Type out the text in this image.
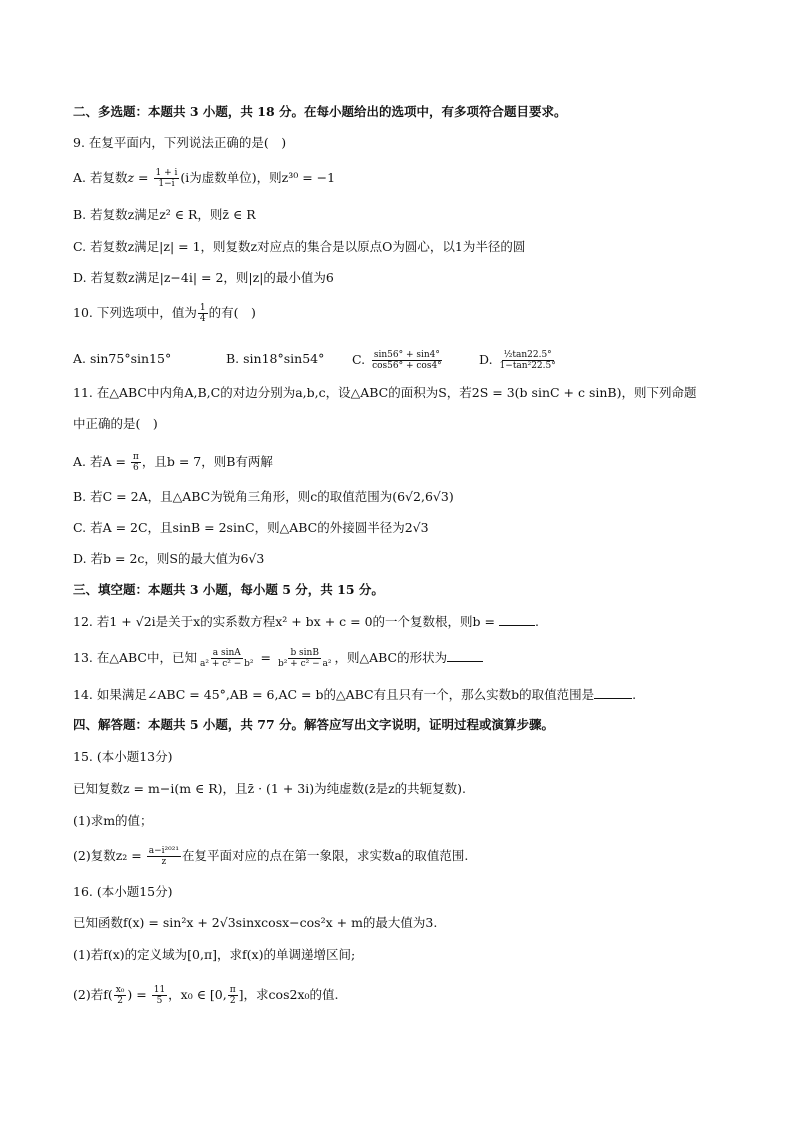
二、多选题：本题共 3 小题，共 18 分。在每小题给出的选项中，有多项符合题目要求。
9. 在复平面内，下列说法正确的是(　)
A. 若复数$z = \frac{1 + i}{1-i} (i$为虚数单位)，则z³⁰ = −1
B. 若复数z满足z² ∈ R，则z̄ ∈ R
C. 若复数z满足|z| = 1，则复数z对应点的集合是以原点O为圆心，以1为半径的圆
D. 若复数z满足|z−4i| = 2，则|z|的最小值为6
10. 下列选项中，值为 $\frac{1}{4}$ 的有(　)
A. sin75°sin15°	B. sin18°sin54° C. $\frac{\sin 56^\circ + \sin 4^\circ}{\cos 56^\circ + \cos 4^\circ}$	D. $\frac{\text{½tan22.5°}}{\text{1−tan²22.5°}}$
11. 在△ABC中内角A,B,C的对边分别为a,b,c，设△ABC的面积为S，若2S = 3(b sinC + c sinB)，则下列命题
中正确的是(　)
A. 若$A = \frac{\pi}{6}$ ，且b = 7，则B有两解
B. 若C = 2A，且△ABC为锐角三角形，则c的取值范围为(6√2,6√3)
C. 若A = 2C，且sinB = 2sinC，则△ABC的外接圆半径为2√3
D. 若b = 2c，则S的最大值为6√3
三、填空题：本题共 3 小题，每小题 5 分，共 15 分。
12. 若1 + √2i是关于x的实系数方程x² + bx + c = 0的一个复数根，则b =	.
13. 在△ABC中，已知 $\frac{\text{a sinA}}{\text{a² + c² − b²}} = \frac{\text{b sinB}}{\text{b² + c² − a²}}$ ，则△ABC的形状为
14. 如果满足∠ABC = 45°,AB = 6,AC = b的△ABC有且只有一个，那么实数b的取值范围是	.
四、解答题：本题共 5 小题，共 77 分。解答应写出文字说明，证明过程或演算步骤。
15. (本小题13分)
已知复数z = m−i(m ∈ R)，且z̄ · (1 + 3i)为纯虚数(z̄是z的共轭复数).
(1)求m的值；
(2)复数$z_2 = \frac{\text{a−i²⁰²¹}}{z}$ 在复平面对应的点在第一象限，求实数a的取值范围.
16. (本小题15分)
已知函数f(x) = sin²x + 2√3sinxcosx−cos²x + m的最大值为3.
(1)若f(x)的定义域为[0,π]，求f(x)的单调递增区间;
(2)若$f( \frac{\text{x₀}}{2}$ ) = $\frac{11}{5}$ ，x₀ ∈ [0, $\frac{\pi}{2}$ ]，求cos2x₀的值.
